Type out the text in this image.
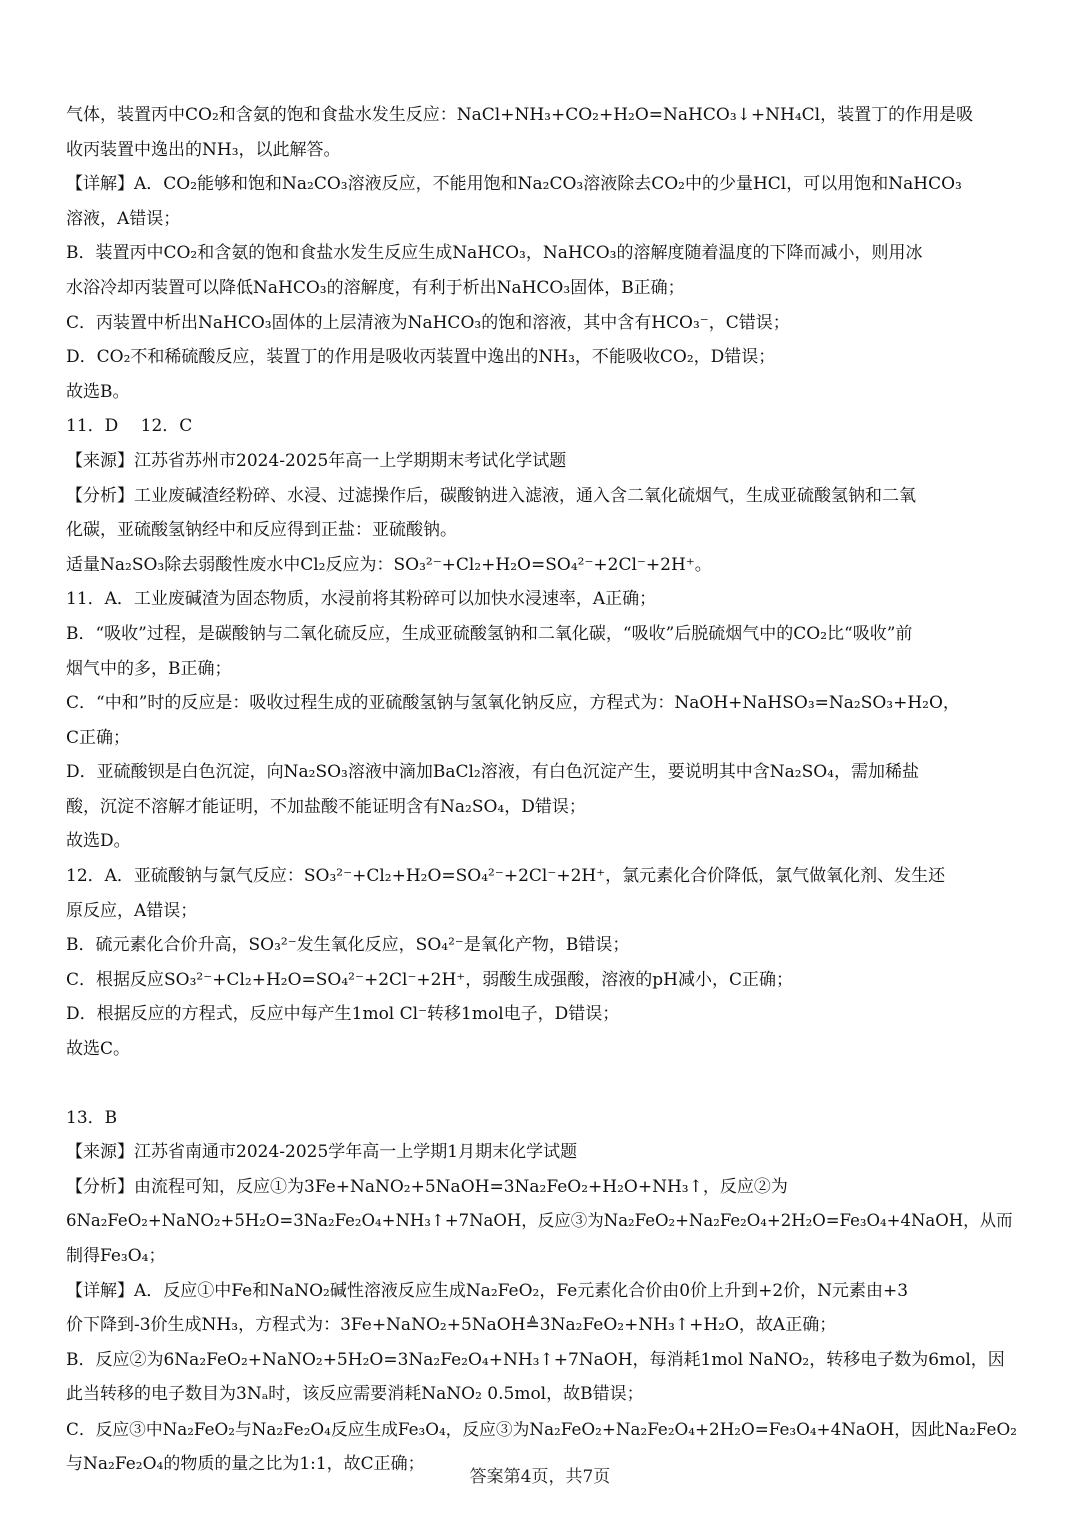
气体，装置丙中CO₂和含氨的饱和食盐水发生反应：NaCl+NH₃+CO₂+H₂O=NaHCO₃↓+NH₄Cl，装置丁的作用是吸
收丙装置中逸出的NH₃，以此解答。
【详解】A．CO₂能够和饱和Na₂CO₃溶液反应，不能用饱和Na₂CO₃溶液除去CO₂中的少量HCl，可以用饱和NaHCO₃
溶液，A错误；
B．装置丙中CO₂和含氨的饱和食盐水发生反应生成NaHCO₃，NaHCO₃的溶解度随着温度的下降而减小，则用冰
水浴冷却丙装置可以降低NaHCO₃的溶解度，有利于析出NaHCO₃固体，B正确；
C．丙装置中析出NaHCO₃固体的上层清液为NaHCO₃的饱和溶液，其中含有HCO₃⁻，C错误；
D．CO₂不和稀硫酸反应，装置丁的作用是吸收丙装置中逸出的NH₃，不能吸收CO₂，D错误；
故选B。
11．D　 12．C
【来源】江苏省苏州市2024-2025年高一上学期期末考试化学试题
【分析】工业废碱渣经粉碎、水浸、过滤操作后，碳酸钠进入滤液，通入含二氧化硫烟气，生成亚硫酸氢钠和二氧
化碳，亚硫酸氢钠经中和反应得到正盐：亚硫酸钠。
适量Na₂SO₃除去弱酸性废水中Cl₂反应为：SO₃²⁻+Cl₂+H₂O=SO₄²⁻+2Cl⁻+2H⁺。
11．A．工业废碱渣为固态物质，水浸前将其粉碎可以加快水浸速率，A正确；
B．“吸收”过程，是碳酸钠与二氧化硫反应，生成亚硫酸氢钠和二氧化碳，“吸收”后脱硫烟气中的CO₂比“吸收”前
烟气中的多，B正确；
C．“中和”时的反应是：吸收过程生成的亚硫酸氢钠与氢氧化钠反应，方程式为：NaOH+NaHSO₃=Na₂SO₃+H₂O，
C正确；
D．亚硫酸钡是白色沉淀，向Na₂SO₃溶液中滴加BaCl₂溶液，有白色沉淀产生，要说明其中含Na₂SO₄，需加稀盐
酸，沉淀不溶解才能证明，不加盐酸不能证明含有Na₂SO₄，D错误；
故选D。
12．A．亚硫酸钠与氯气反应：SO₃²⁻+Cl₂+H₂O=SO₄²⁻+2Cl⁻+2H⁺，氯元素化合价降低，氯气做氧化剂、发生还
原反应，A错误；
B．硫元素化合价升高，SO₃²⁻发生氧化反应，SO₄²⁻是氧化产物，B错误；
C．根据反应SO₃²⁻+Cl₂+H₂O=SO₄²⁻+2Cl⁻+2H⁺，弱酸生成强酸，溶液的pH减小，C正确；
D．根据反应的方程式，反应中每产生1mol Cl⁻转移1mol电子，D错误；
故选C。
13．B
【来源】江苏省南通市2024-2025学年高一上学期1月期末化学试题
【分析】由流程可知，反应①为3Fe+NaNO₂+5NaOH=3Na₂FeO₂+H₂O+NH₃↑，反应②为
6Na₂FeO₂+NaNO₂+5H₂O=3Na₂Fe₂O₄+NH₃↑+7NaOH，反应③为Na₂FeO₂+Na₂Fe₂O₄+2H₂O=Fe₃O₄+4NaOH，从而
制得Fe₃O₄；
【详解】A．反应①中Fe和NaNO₂碱性溶液反应生成Na₂FeO₂，Fe元素化合价由0价上升到+2价，N元素由+3
价下降到-3价生成NH₃，方程式为：3Fe+NaNO₂+5NaOH≜3Na₂FeO₂+NH₃↑+H₂O，故A正确；
B．反应②为6Na₂FeO₂+NaNO₂+5H₂O=3Na₂Fe₂O₄+NH₃↑+7NaOH，每消耗1mol NaNO₂，转移电子数为6mol，因
此当转移的电子数目为3Nₐ时，该反应需要消耗NaNO₂ 0.5mol，故B错误；
C．反应③中Na₂FeO₂与Na₂Fe₂O₄反应生成Fe₃O₄，反应③为Na₂FeO₂+Na₂Fe₂O₄+2H₂O=Fe₃O₄+4NaOH，因此Na₂FeO₂
与Na₂Fe₂O₄的物质的量之比为1:1，故C正确；
答案第4页，共7页
